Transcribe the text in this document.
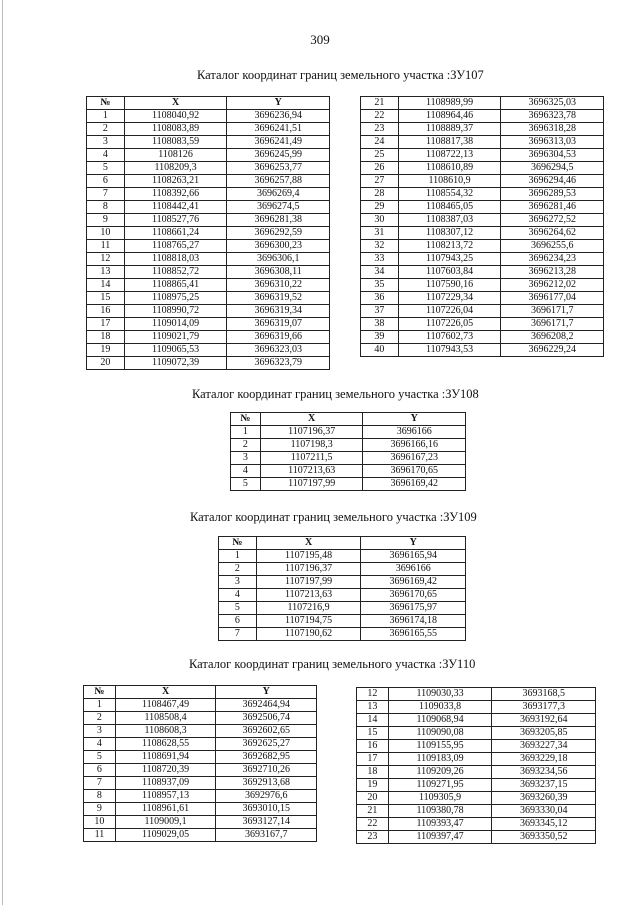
309
Каталог координат границ земельного участка :ЗУ107
№	X	Y
1	1108040,92	3696236,94
2	1108083,89	3696241,51
3	1108083,59	3696241,49
4	1108126	3696245,99
5	1108209,3	3696253,77
6	1108263,21	3696257,88
7	1108392,66	3696269,4
8	1108442,41	3696274,5
9	1108527,76	3696281,38
10	1108661,24	3696292,59
11	1108765,27	3696300,23
12	1108818,03	3696306,1
13	1108852,72	3696308,11
14	1108865,41	3696310,22
15	1108975,25	3696319,52
16	1108990,72	3696319,34
17	1109014,09	3696319,07
18	1109021,79	3696319,66
19	1109065,53	3696323,03
20	1109072,39	3696323,79
21	1108989,99	3696325,03
22	1108964,46	3696323,78
23	1108889,37	3696318,28
24	1108817,38	3696313,03
25	1108722,13	3696304,53
26	1108610,89	3696294,5
27	1108610,9	3696294,46
28	1108554,32	3696289,53
29	1108465,05	3696281,46
30	1108387,03	3696272,52
31	1108307,12	3696264,62
32	1108213,72	3696255,6
33	1107943,25	3696234,23
34	1107603,84	3696213,28
35	1107590,16	3696212,02
36	1107229,34	3696177,04
37	1107226,04	3696171,7
38	1107226,05	3696171,7
39	1107602,73	3696208,2
40	1107943,53	3696229,24
Каталог координат границ земельного участка :ЗУ108
№	X	Y
1	1107196,37	3696166
2	1107198,3	3696166,16
3	1107211,5	3696167,23
4	1107213,63	3696170,65
5	1107197,99	3696169,42
Каталог координат границ земельного участка :ЗУ109
№	X	Y
1	1107195,48	3696165,94
2	1107196,37	3696166
3	1107197,99	3696169,42
4	1107213,63	3696170,65
5	1107216,9	3696175,97
6	1107194,75	3696174,18
7	1107190,62	3696165,55
Каталог координат границ земельного участка :ЗУ110
№	X	Y
1	1108467,49	3692464,94
2	1108508,4	3692506,74
3	1108608,3	3692602,65
4	1108628,55	3692625,27
5	1108691,94	3692682,95
6	1108720,39	3692710,26
7	1108937,09	3692913,68
8	1108957,13	3692976,6
9	1108961,61	3693010,15
10	1109009,1	3693127,14
11	1109029,05	3693167,7
12	1109030,33	3693168,5
13	1109033,8	3693177,3
14	1109068,94	3693192,64
15	1109090,08	3693205,85
16	1109155,95	3693227,34
17	1109183,09	3693229,18
18	1109209,26	3693234,56
19	1109271,95	3693237,15
20	1109305,9	3693260,39
21	1109380,78	3693330,04
22	1109393,47	3693345,12
23	1109397,47	3693350,52
